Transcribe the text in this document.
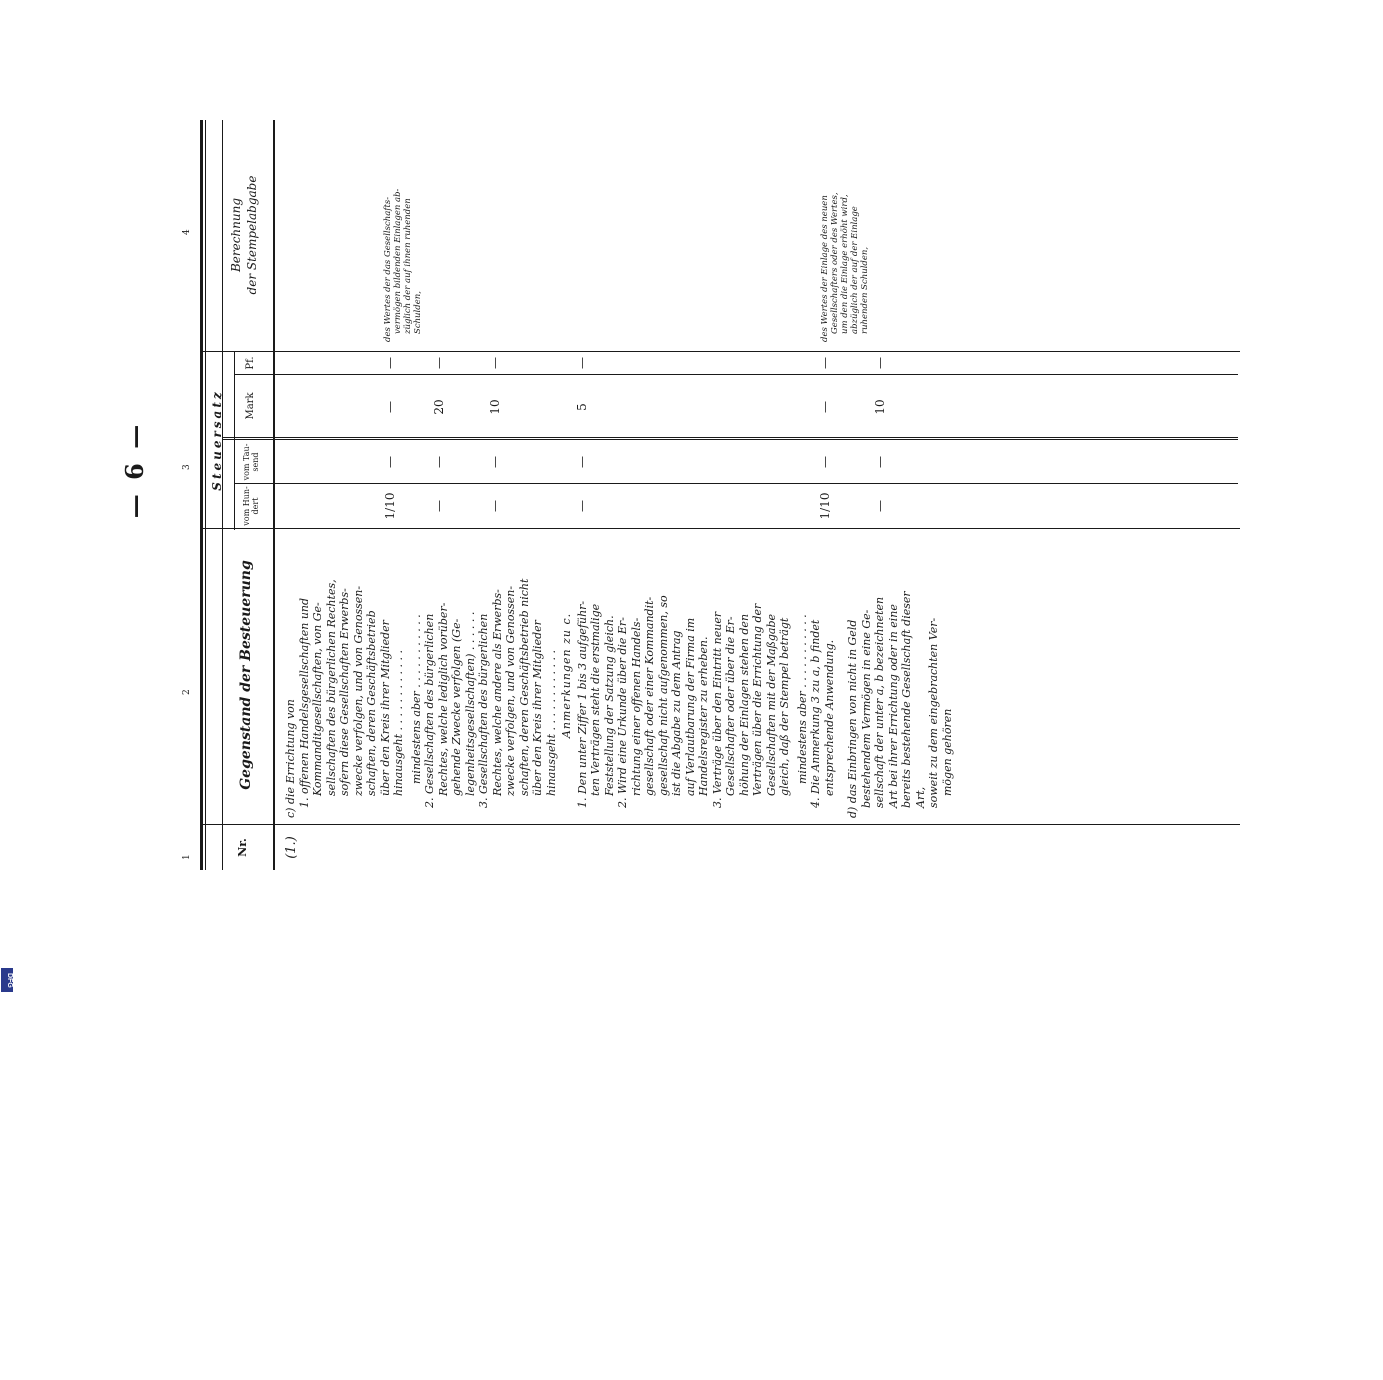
— 6 —
1
2
3
4
Nr.
Gegenstand der Besteuerung
Steuersatz
vom Hun-dert
vom Tau-send
Mark
Pf.
Berechnung der Stempelabgabe
(1.)
c) die Errichtung von 1. offenen Handelsgesellschaften und Kommanditgesellschaften, von Ge- sellschaften des bürgerlichen Rechtes, sofern diese Gesellschaften Erwerbs- zwecke verfolgen, und von Genossen- schaften, deren Geschäftsbetrieb über den Kreis ihrer Mitglieder hinausgeht . . . . . . . . . . . . mindestens aber . . . . . . . . . . . 2. Gesellschaften des bürgerlichen Rechtes, welche lediglich vorüber- gehende Zwecke verfolgen (Ge- legenheitsgesellschaften) . . . . . . 3. Gesellschaften des bürgerlichen Rechtes, welche andere als Erwerbs- zwecke verfolgen, und von Genossen- schaften, deren Geschäftsbetrieb nicht über den Kreis ihrer Mitglieder hinausgeht . . . . . . . . . . . . Anmerkungen zu c. 1. Den unter Ziffer 1 bis 3 aufgeführ- ten Verträgen steht die erstmalige Feststellung der Satzung gleich. 2. Wird eine Urkunde über die Er- richtung einer offenen Handels- gesellschaft oder einer Kommandit- gesellschaft nicht aufgenommen, so ist die Abgabe zu dem Antrag auf Verlautbarung der Firma im Handelsregister zu erheben. 3. Verträge über den Eintritt neuer Gesellschafter oder über die Er- höhung der Einlagen stehen den Verträgen über die Errichtung der Gesellschaften mit der Maßgabe gleich, daß der Stempel beträgt mindestens aber . . . . . . . . . . . 4. Die Anmerkung 3 zu a, b findet entsprechende Anwendung. d) das Einbringen von nicht in Geld bestehendem Vermögen in eine Ge- sellschaft der unter a, b bezeichneten Art bei ihrer Errichtung oder in eine bereits bestehende Gesellschaft dieser Art, soweit zu dem eingebrachten Ver- mögen gehören
1/10
—
—
—
—
—
20
—
—
—
10
—
—
—
5
—
1/10
—
—
—
—
—
10
—
des Wertes der das Gesellschafts- vermögen bildenden Einlagen ab- züglich der auf ihnen ruhenden Schulden,	des Wertes der Einlage des neuen Gesellschafters oder des Wertes, um den die Einlage erhöht wird, abzüglich der auf der Einlage ruhenden Schulden,
DFG
